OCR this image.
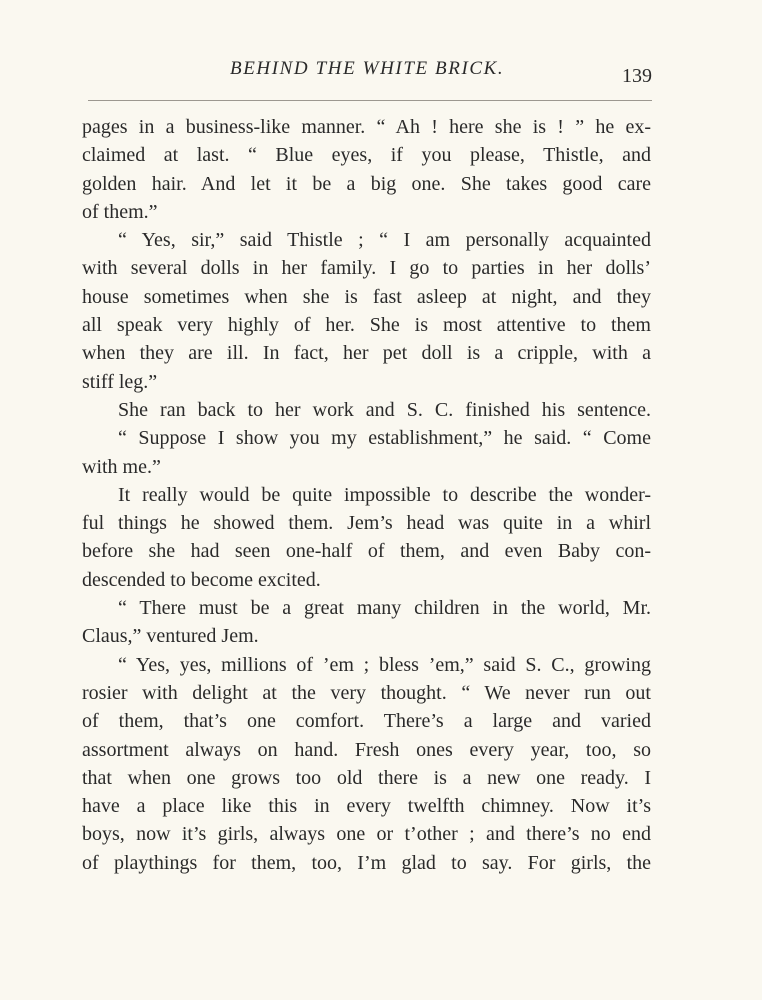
BEHIND THE WHITE BRICK.	139
pages in a business-like manner. “ Ah ! here she is ! ” he ex-
claimed at last. “ Blue eyes, if you please, Thistle, and
golden hair. And let it be a big one. She takes good care
of them.”
“ Yes, sir,” said Thistle ; “ I am personally acquainted
with several dolls in her family. I go to parties in her dolls’
house sometimes when she is fast asleep at night, and they
all speak very highly of her. She is most attentive to them
when they are ill. In fact, her pet doll is a cripple, with a
stiff leg.”
She ran back to her work and S. C. finished his sentence.
“ Suppose I show you my establishment,” he said. “ Come
with me.”
It really would be quite impossible to describe the wonder-
ful things he showed them. Jem’s head was quite in a whirl
before she had seen one-half of them, and even Baby con-
descended to become excited.
“ There must be a great many children in the world, Mr.
Claus,” ventured Jem.
“ Yes, yes, millions of ’em ; bless ’em,” said S. C., growing
rosier with delight at the very thought. “ We never run out
of them, that’s one comfort. There’s a large and varied
assortment always on hand. Fresh ones every year, too, so
that when one grows too old there is a new one ready. I
have a place like this in every twelfth chimney. Now it’s
boys, now it’s girls, always one or t’other ; and there’s no end
of playthings for them, too, I’m glad to say. For girls, the
